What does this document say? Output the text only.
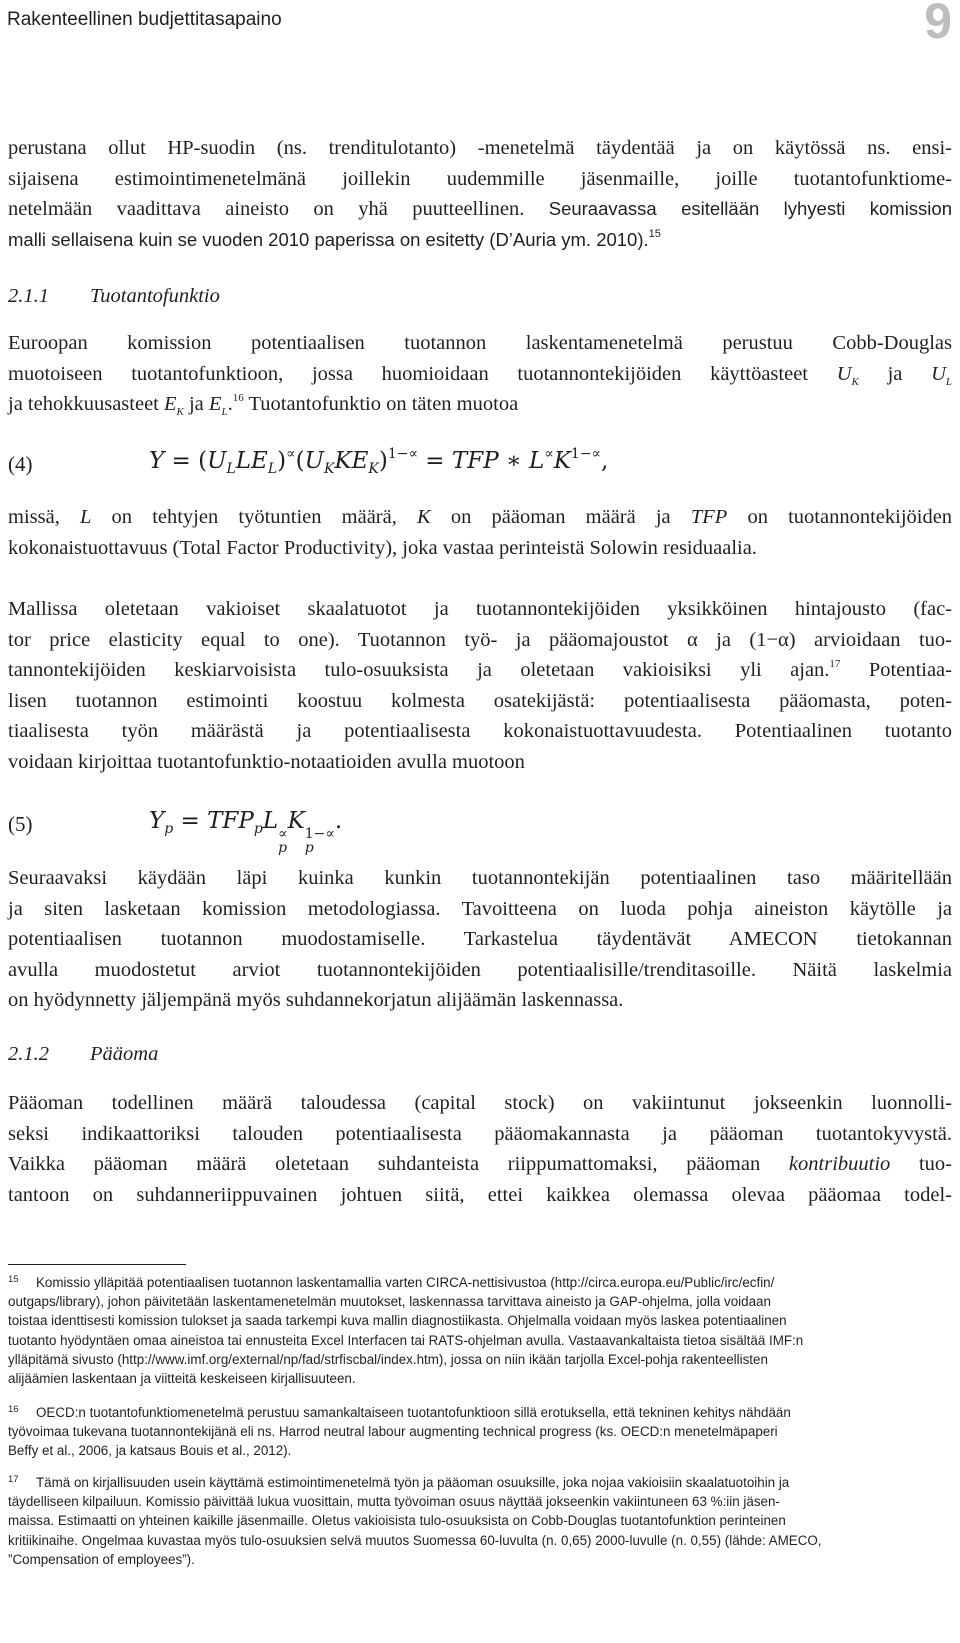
Rakenteellinen budjettitasapaino	9
perustana ollut HP-suodin (ns. trenditulotanto) -menetelmä täydentää ja on käytössä ns. ensi-
sijaisena estimointimenetelmänä joillekin uudemmille jäsenmaille, joille tuotantofunktiome-
netelmään vaadittava aineisto on yhä puutteellinen. Seuraavassa esitellään lyhyesti komission
malli sellaisena kuin se vuoden 2010 paperissa on esitetty (D’Auria ym. 2010).$^{15}$
2.1.1 Tuotantofunktio
Euroopan komission potentiaalisen tuotannon laskentamenetelmä perustuu Cobb-Douglas
muotoiseen tuotantofunktioon, jossa huomioidaan tuotannontekijöiden käyttöasteet $U_K$ ja $U_L$
ja tehokkuusasteet $E_K$ ja $E_L.^{16}$ Tuotantofunktio on täten muotoa
(4)	$Y = (U_LLE_L)^\propto(U_KKE_K)^{1-\propto}$ = TFP ∗ $L^\propto K^{1-\propto}$,
missä, L on tehtyjen työtuntien määrä, K on pääoman määrä ja TFP on tuotannontekijöiden
kokonaistuottavuus (Total Factor Productivity), joka vastaa perinteistä Solowin residuaalia.
Mallissa oletetaan vakioiset skaalatuotot ja tuotannontekijöiden yksikköinen hintajousto (fac-
tor price elasticity equal to one). Tuotannon työ- ja pääomajoustot α ja (1−α) arvioidaan tuo-
tannontekijöiden keskiarvoisista tulo-osuuksista ja oletetaan vakioisiksi yli ajan.$^{17}$ Potentiaa-
lisen tuotannon estimointi koostuu kolmesta osatekijästä: potentiaalisesta pääomasta, poten-
tiaalisesta työn määrästä ja potentiaalisesta kokonaistuottavuudesta. Potentiaalinen tuotanto
voidaan kirjoittaa tuotantofunktio-notaatioiden avulla muotoon
(5)	$Y_p = TFP_pL$ ∝
p
K 1−∝
p
.
Seuraavaksi käydään läpi kuinka kunkin tuotannontekijän potentiaalinen taso määritellään
ja siten lasketaan komission metodologiassa. Tavoitteena on luoda pohja aineiston käytölle ja
potentiaalisen tuotannon muodostamiselle. Tarkastelua täydentävät AMECON tietokannan
avulla muodostetut arviot tuotannontekijöiden potentiaalisille/trenditasoille. Näitä laskelmia
on hyödynnetty jäljempänä myös suhdannekorjatun alijäämän laskennassa.
2.1.2 Pääoma
Pääoman todellinen määrä taloudessa (capital stock) on vakiintunut jokseenkin luonnolli-
seksi indikaattoriksi talouden potentiaalisesta pääomakannasta ja pääoman tuotantokyvystä.
Vaikka pääoman määrä oletetaan suhdanteista riippumattomaksi, pääoman kontribuutio tuo-
tantoon on suhdanneriippuvainen johtuen siitä, ettei kaikkea olemassa olevaa pääomaa todel-
15	Komissio ylläpitää potentiaalisen tuotannon laskentamallia varten CIRCA-nettisivustoa (http://circa.europa.eu/Public/irc/ecfin/
outgaps/library), johon päivitetään laskentamenetelmän muutokset, laskennassa tarvittava aineisto ja GAP-ohjelma, jolla voidaan
toistaa identtisesti komission tulokset ja saada tarkempi kuva mallin diagnostiikasta. Ohjelmalla voidaan myös laskea potentiaalinen
tuotanto hyödyntäen omaa aineistoa tai ennusteita Excel Interfacen tai RATS-ohjelman avulla. Vastaavankaltaista tietoa sisältää IMF:n
ylläpitämä sivusto (http://www.imf.org/external/np/fad/strfiscbal/index.htm), jossa on niin ikään tarjolla Excel-pohja rakenteellisten
alijäämien laskentaan ja viitteitä keskeiseen kirjallisuuteen.
16	OECD:n tuotantofunktiomenetelmä perustuu samankaltaiseen tuotantofunktioon sillä erotuksella, että tekninen kehitys nähdään
työvoimaa tukevana tuotannontekijänä eli ns. Harrod neutral labour augmenting technical progress (ks. OECD:n menetelmäpaperi
Beffy et al., 2006, ja katsaus Bouis et al., 2012).
17	Tämä on kirjallisuuden usein käyttämä estimointimenetelmä työn ja pääoman osuuksille, joka nojaa vakioisiin skaalatuotoihin ja
täydelliseen kilpailuun. Komissio päivittää lukua vuosittain, mutta työvoiman osuus näyttää jokseenkin vakiintuneen 63 %:iin jäsen-
maissa. Estimaatti on yhteinen kaikille jäsenmaille. Oletus vakioisista tulo-osuuksista on Cobb-Douglas tuotantofunktion perinteinen
kritiikinaihe. Ongelmaa kuvastaa myös tulo-osuuksien selvä muutos Suomessa 60-luvulta (n. 0,65) 2000-luvulle (n. 0,55) (lähde: AMECO,
”Compensation of employees”).
